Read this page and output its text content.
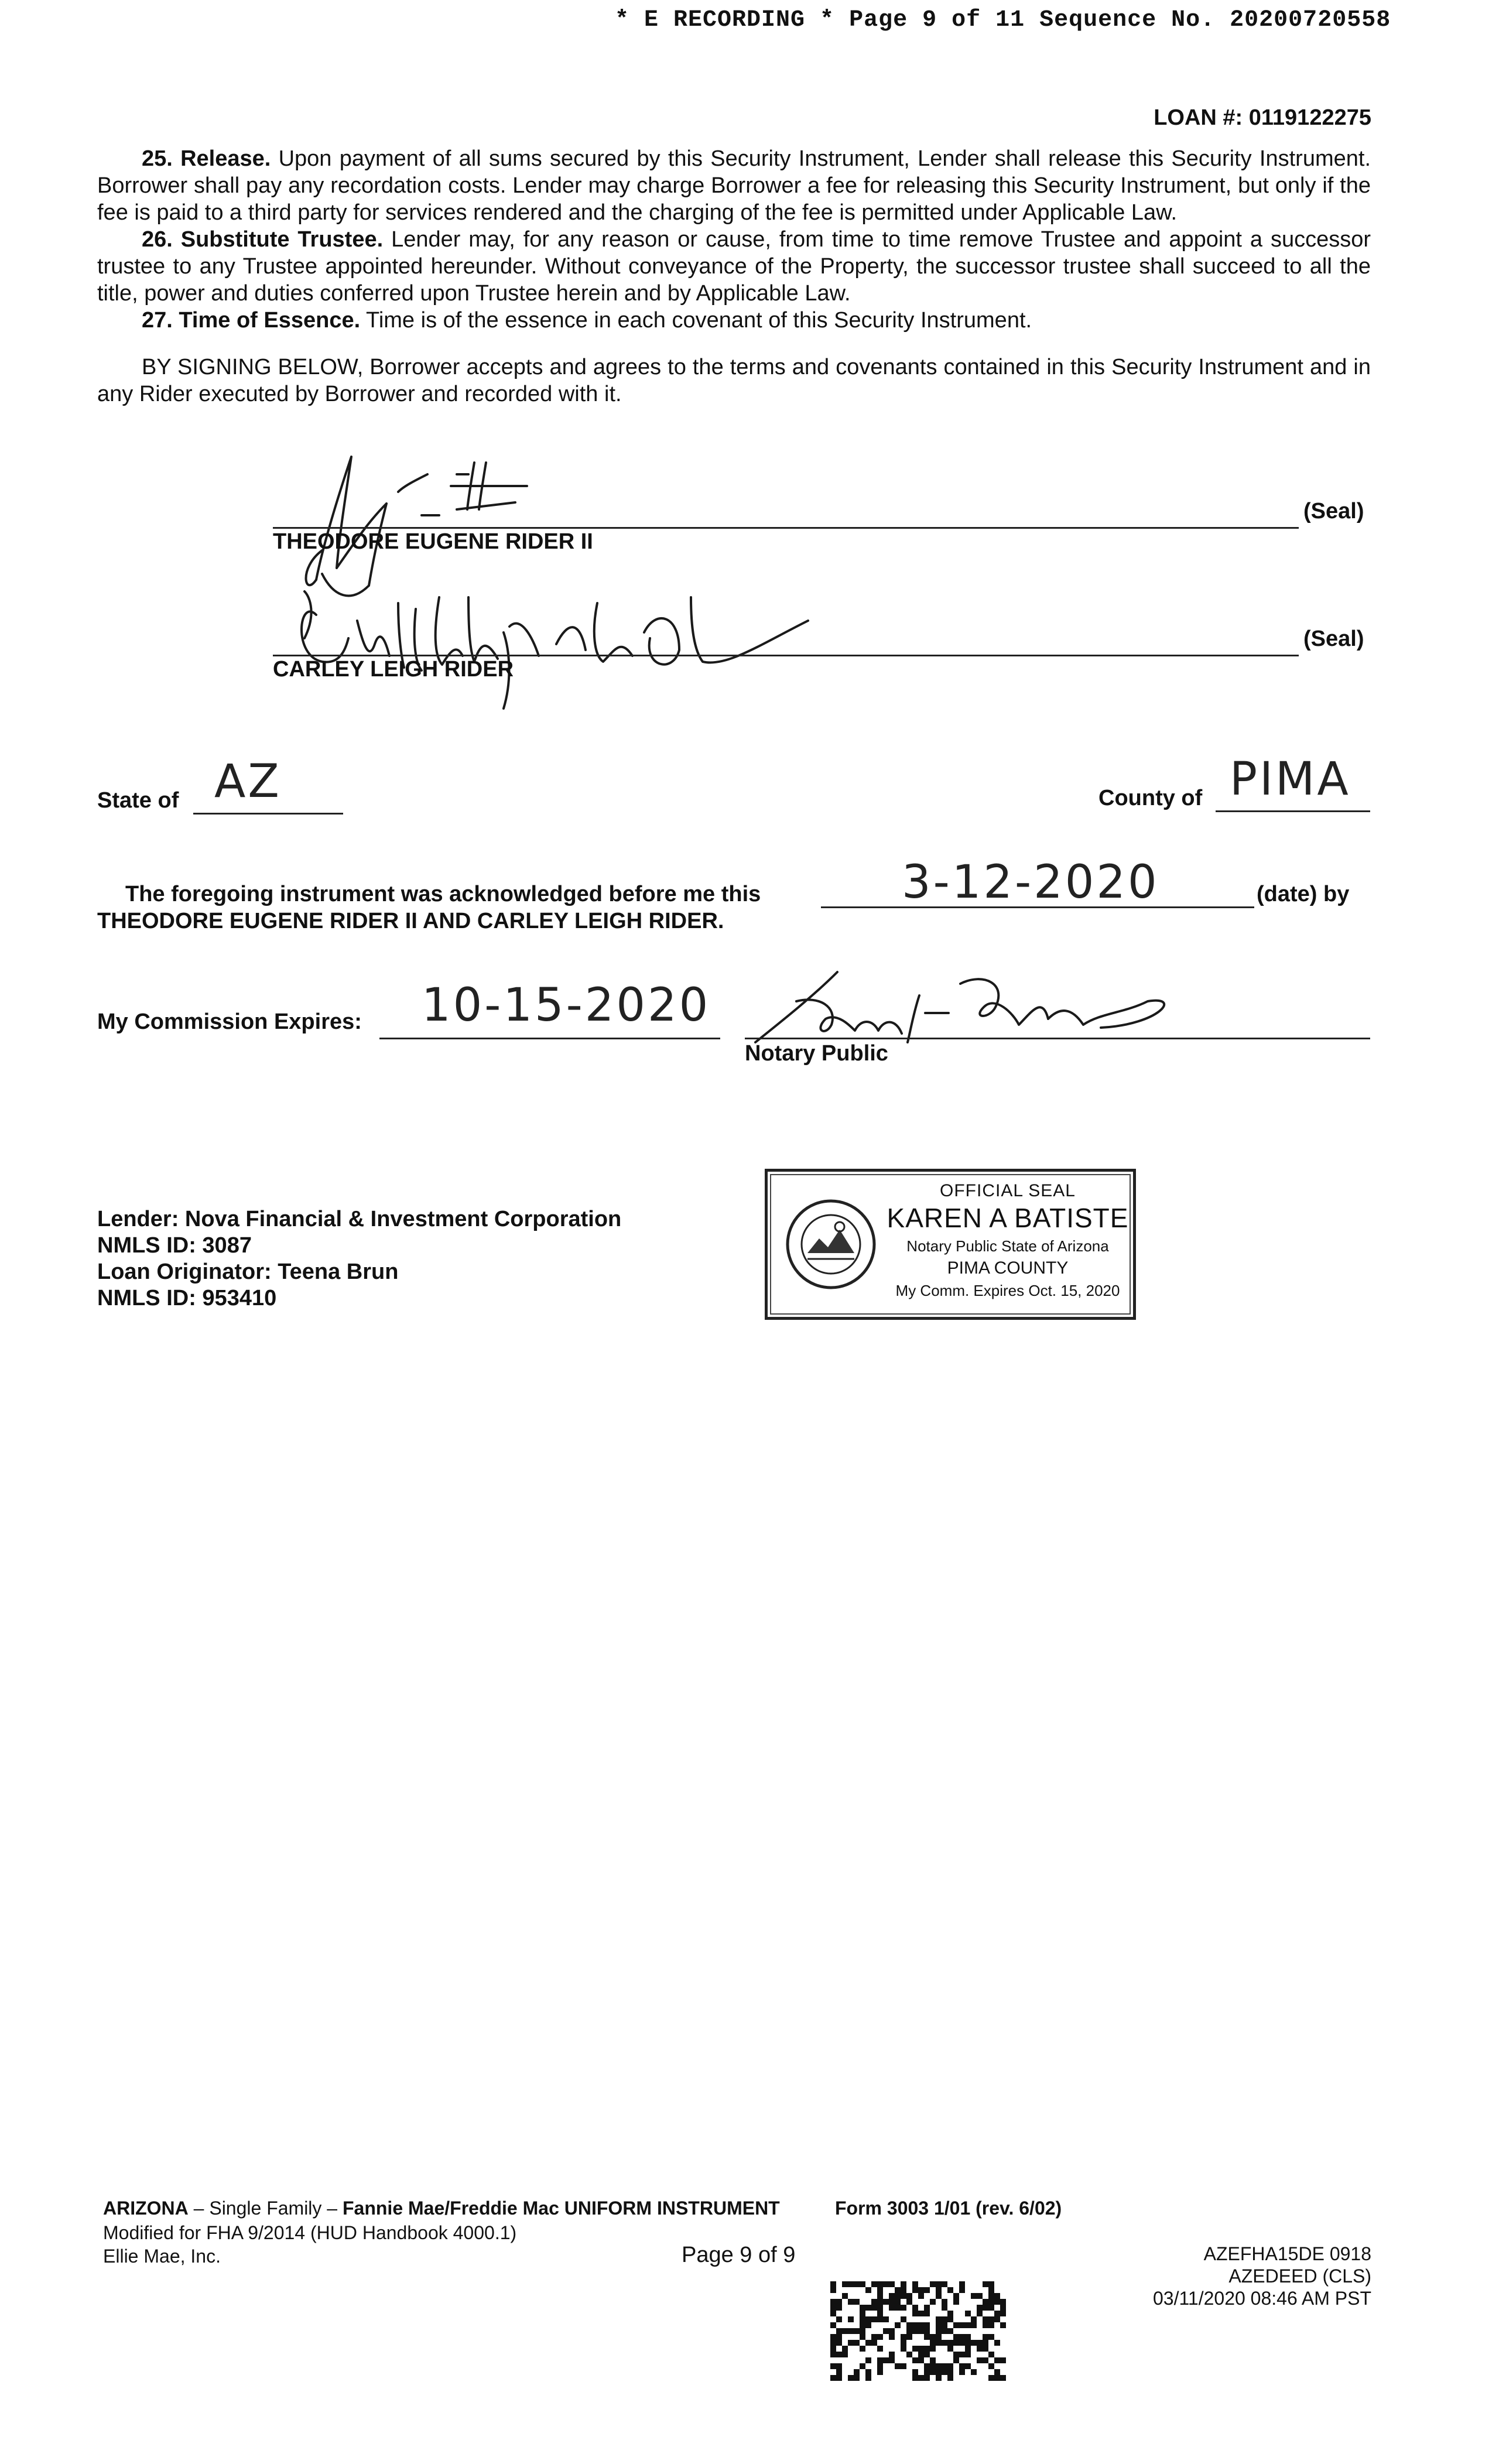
* E RECORDING * Page 9 of 11 Sequence No. 20200720558
LOAN #: 0119122275

25. Release. Upon payment of all sums secured by this Security Instrument, Lender shall release this Security Instrument. Borrower shall pay any recordation costs. Lender may charge Borrower a fee for releasing this Security Instrument, but only if the fee is paid to a third party for services rendered and the charging of the fee is permitted under Applicable Law.

26. Substitute Trustee. Lender may, for any reason or cause, from time to time remove Trustee and appoint a successor trustee to any Trustee appointed hereunder. Without conveyance of the Property, the successor trustee shall succeed to all the title, power and duties conferred upon Trustee herein and by Applicable Law.

27. Time of Essence. Time is of the essence in each covenant of this Security Instrument.

BY SIGNING BELOW, Borrower accepts and agrees to the terms and covenants contained in this Security Instrument and in any Rider executed by Borrower and recorded with it.

(Seal)
THEODORE EUGENE RIDER II
(Seal)
CARLEY LEIGH RIDER
State of AZ	County of PIMA
The foregoing instrument was acknowledged before me this	3-12-2020	(date) by
THEODORE EUGENE RIDER II AND CARLEY LEIGH RIDER.
My Commission Expires: 10-15-2020
Notary Public
Lender: Nova Financial & Investment Corporation
NMLS ID: 3087
Loan Originator: Teena Brun
NMLS ID: 953410
OFFICIAL SEAL
KAREN A BATISTE
Notary Public State of Arizona
PIMA COUNTY
My Comm. Expires Oct. 15, 2020
ARIZONA – Single Family – Fannie Mae/Freddie Mac UNIFORM INSTRUMENT	Form 3003 1/01 (rev. 6/02)
Modified for FHA 9/2014 (HUD Handbook 4000.1)
Ellie Mae, Inc.	Page 9 of 9	AZEFHA15DE 0918
AZEDEED (CLS)
03/11/2020 08:46 AM PST
